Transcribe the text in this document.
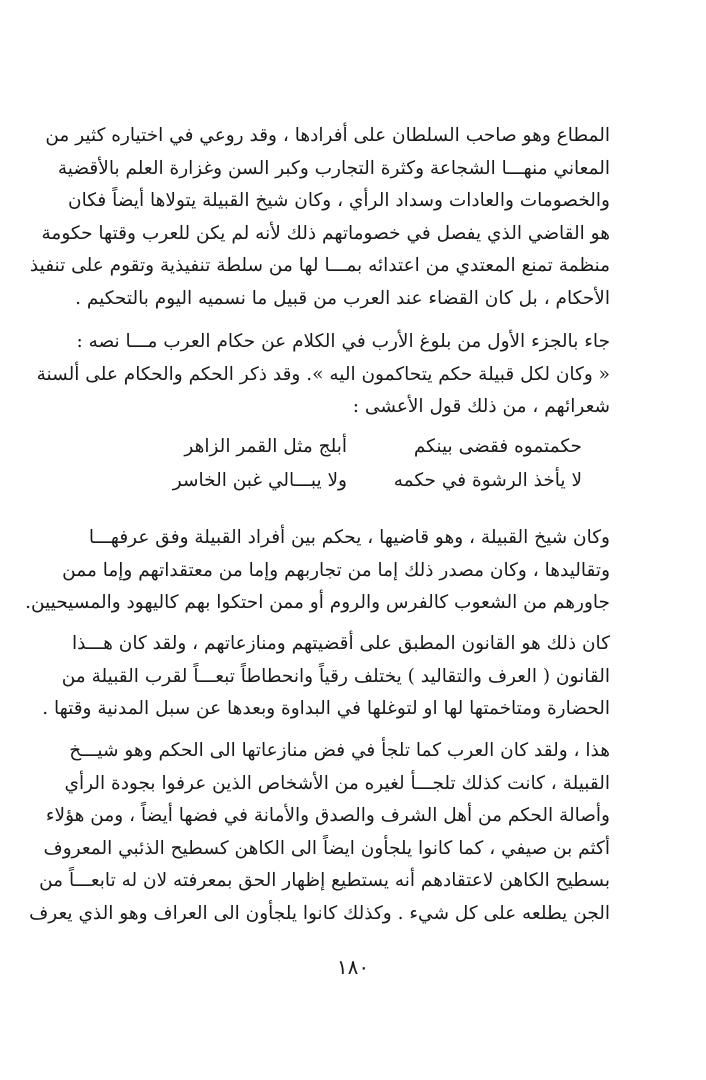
المطاع وهو صاحب السلطان على أفرادها ، وقد روعي في اختياره كثير من
المعاني منهـــا الشجاعة وكثرة التجارب وكبر السن وغزارة العلم بالأقضية
والخصومات والعادات وسداد الرأي ، وكان شيخ القبيلة يتولاها أيضاً فكان
هو القاضي الذي يفصل في خصوماتهم ذلك لأنه لم يكن للعرب وقتها حكومة
منظمة تمنع المعتدي من اعتدائه بمـــا لها من سلطة تنفيذية وتقوم على تنفيذ
الأحكام ، بل كان القضاء عند العرب من قبيل ما نسميه اليوم بالتحكيم .
جاء بالجزء الأول من بلوغ الأرب في الكلام عن حكام العرب مـــا نصه :
« وكان لكل قبيلة حكم يتحاكمون اليه ». وقد ذكر الحكم والحكام على ألسنة
شعرائهم ، من ذلك قول الأعشى :
حكمتموه فقضى بينكم
أبلج مثل القمر الزاهر
لا يأخذ الرشوة في حكمه
ولا يبـــالي غبن الخاسر
وكان شيخ القبيلة ، وهو قاضيها ، يحكم بين أفراد القبيلة وفق عرفهـــا
وتقاليدها ، وكان مصدر ذلك إما من تجاربهم وإما من معتقداتهم وإما ممن
جاورهم من الشعوب كالفرس والروم أو ممن احتكوا بهم كاليهود والمسيحيين.
كان ذلك هو القانون المطبق على أقضيتهم ومنازعاتهم ، ولقد كان هـــذا
القانون ( العرف والتقاليد ) يختلف رقياً وانحطاطاً تبعـــاً لقرب القبيلة من
الحضارة ومتاخمتها لها او لتوغلها في البداوة وبعدها عن سبل المدنية وقتها .
هذا ، ولقد كان العرب كما تلجأ في فض منازعاتها الى الحكم وهو شيـــخ
القبيلة ، كانت كذلك تلجـــأ لغيره من الأشخاص الذين عرفوا بجودة الرأي
وأصالة الحكم من أهل الشرف والصدق والأمانة في فضها أيضاً ، ومن هؤلاء
أكثم بن صيفي ، كما كانوا يلجأون ايضاً الى الكاهن كسطيح الذئبي المعروف
بسطيح الكاهن لاعتقادهم أنه يستطيع إظهار الحق بمعرفته لان له تابعـــاً من
الجن يطلعه على كل شيء . وكذلك كانوا يلجأون الى العراف وهو الذي يعرف
١٨٠
